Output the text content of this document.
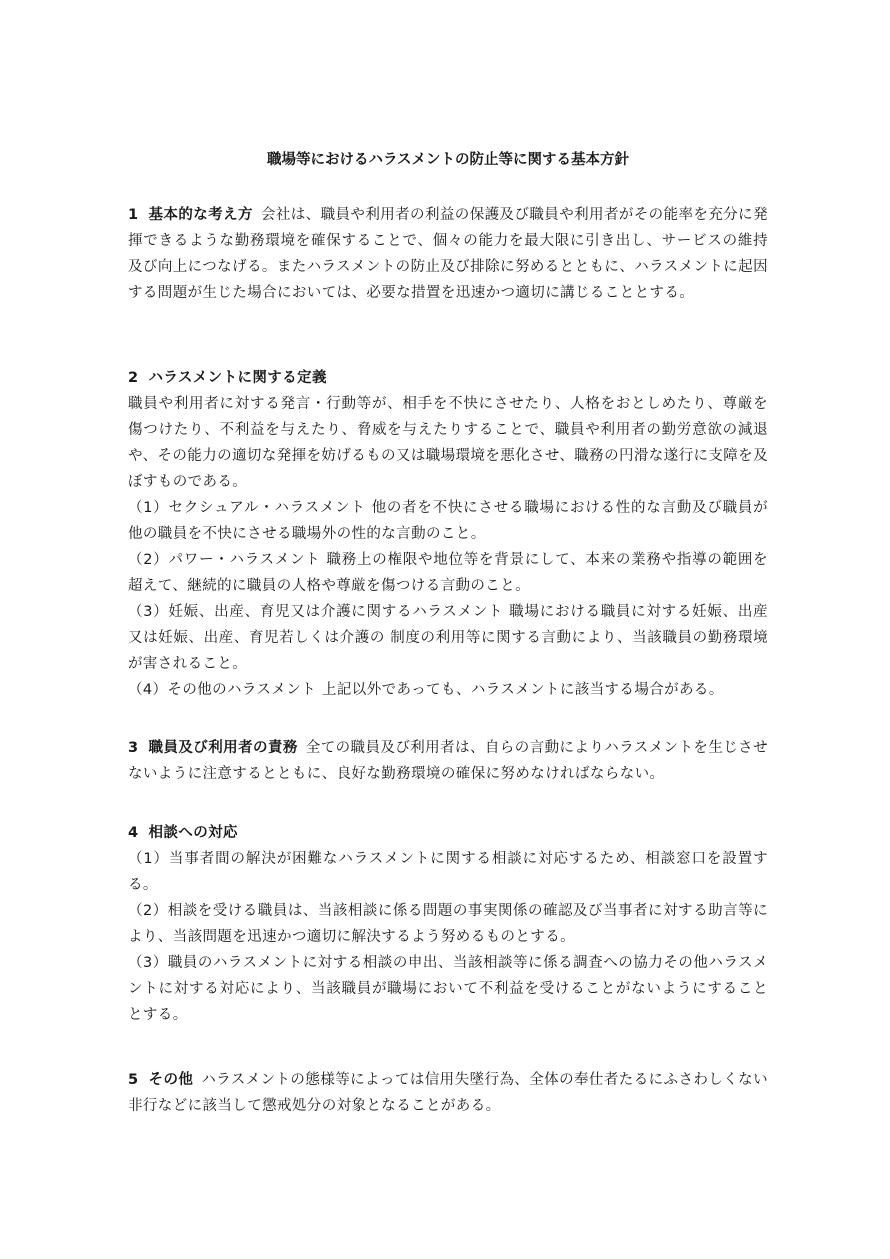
職場等におけるハラスメントの防止等に関する基本方針

1 基本的な考え方 会社は、職員や利用者の利益の保護及び職員や利用者がその能率を充分に発揮できるような勤務環境を確保することで、個々の能力を最大限に引き出し、サービスの維持及び向上につなげる。またハラスメントの防止及び排除に努めるとともに、ハラスメントに起因する問題が生じた場合においては、必要な措置を迅速かつ適切に講じることとする。

2 ハラスメントに関する定義

職員や利用者に対する発言・行動等が、相手を不快にさせたり、人格をおとしめたり、尊厳を傷つけたり、不利益を与えたり、脅威を与えたりすることで、職員や利用者の勤労意欲の減退や、その能力の適切な発揮を妨げるもの又は職場環境を悪化させ、職務の円滑な遂行に支障を及ぼすものである。

（1）セクシュアル・ハラスメント 他の者を不快にさせる職場における性的な言動及び職員が他の職員を不快にさせる職場外の性的な言動のこと。

（2）パワー・ハラスメント 職務上の権限や地位等を背景にして、本来の業務や指導の範囲を超えて、継続的に職員の人格や尊厳を傷つける言動のこと。

（3）妊娠、出産、育児又は介護に関するハラスメント 職場における職員に対する妊娠、出産又は妊娠、出産、育児若しくは介護の 制度の利用等に関する言動により、当該職員の勤務環境が害されること。

（4）その他のハラスメント 上記以外であっても、ハラスメントに該当する場合がある。

3 職員及び利用者の責務 全ての職員及び利用者は、自らの言動によりハラスメントを生じさせないように注意するとともに、良好な勤務環境の確保に努めなければならない。

4 相談への対応

（1）当事者間の解決が困難なハラスメントに関する相談に対応するため、相談窓口を設置する。

（2）相談を受ける職員は、当該相談に係る問題の事実関係の確認及び当事者に対する助言等により、当該問題を迅速かつ適切に解決するよう努めるものとする。

（3）職員のハラスメントに対する相談の申出、当該相談等に係る調査への協力その他ハラスメントに対する対応により、当該職員が職場において不利益を受けることがないようにすることとする。

5 その他 ハラスメントの態様等によっては信用失墜行為、全体の奉仕者たるにふさわしくない非行などに該当して懲戒処分の対象となることがある。
